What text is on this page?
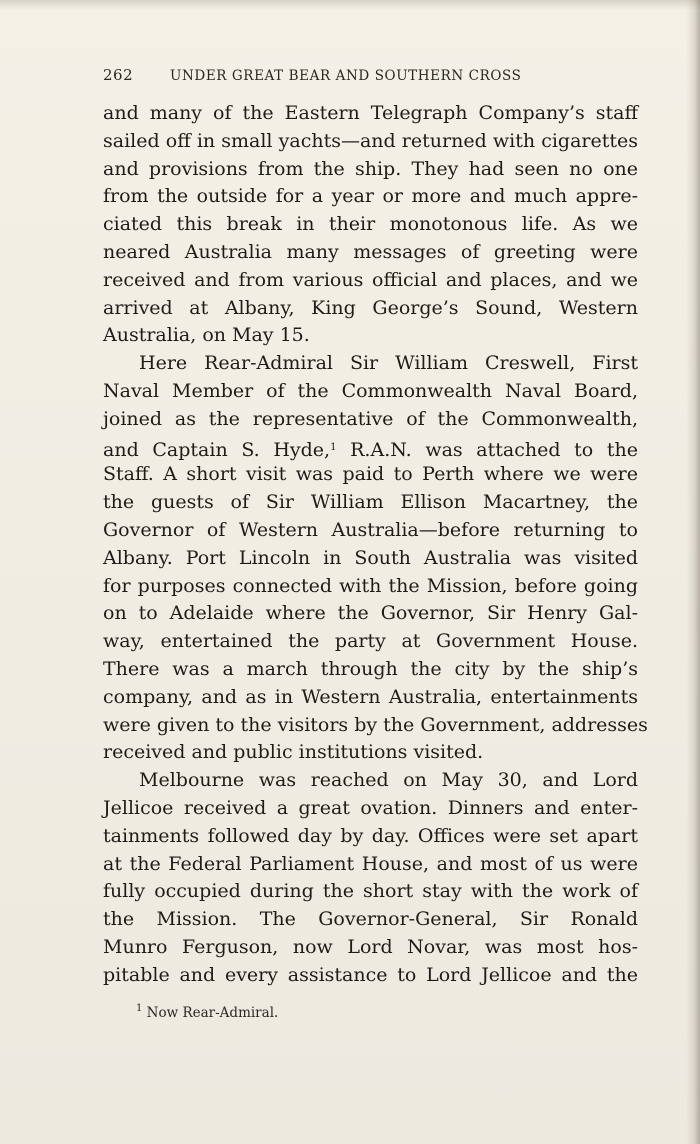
262	UNDER GREAT BEAR AND SOUTHERN CROSS
and many of the Eastern Telegraph Company’s staff
sailed off in small yachts—and returned with cigarettes
and provisions from the ship. They had seen no one
from the outside for a year or more and much appre-
ciated this break in their monotonous life. As we
neared Australia many messages of greeting were
received and from various official and places, and we
arrived at Albany, King George’s Sound, Western
Australia, on May 15.
Here Rear-Admiral Sir William Creswell, First
Naval Member of the Commonwealth Naval Board,
joined as the representative of the Commonwealth,
and Captain S. Hyde,$^1$ R.A.N. was attached to the
Staff. A short visit was paid to Perth where we were
the guests of Sir William Ellison Macartney, the
Governor of Western Australia—before returning to
Albany. Port Lincoln in South Australia was visited
for purposes connected with the Mission, before going
on to Adelaide where the Governor, Sir Henry Gal-
way, entertained the party at Government House.
There was a march through the city by the ship’s
company, and as in Western Australia, entertainments
were given to the visitors by the Government, addresses
received and public institutions visited.
Melbourne was reached on May 30, and Lord
Jellicoe received a great ovation. Dinners and enter-
tainments followed day by day. Offices were set apart
at the Federal Parliament House, and most of us were
fully occupied during the short stay with the work of
the Mission. The Governor-General, Sir Ronald
Munro Ferguson, now Lord Novar, was most hos-
pitable and every assistance to Lord Jellicoe and the
$^1$ Now Rear-Admiral.
